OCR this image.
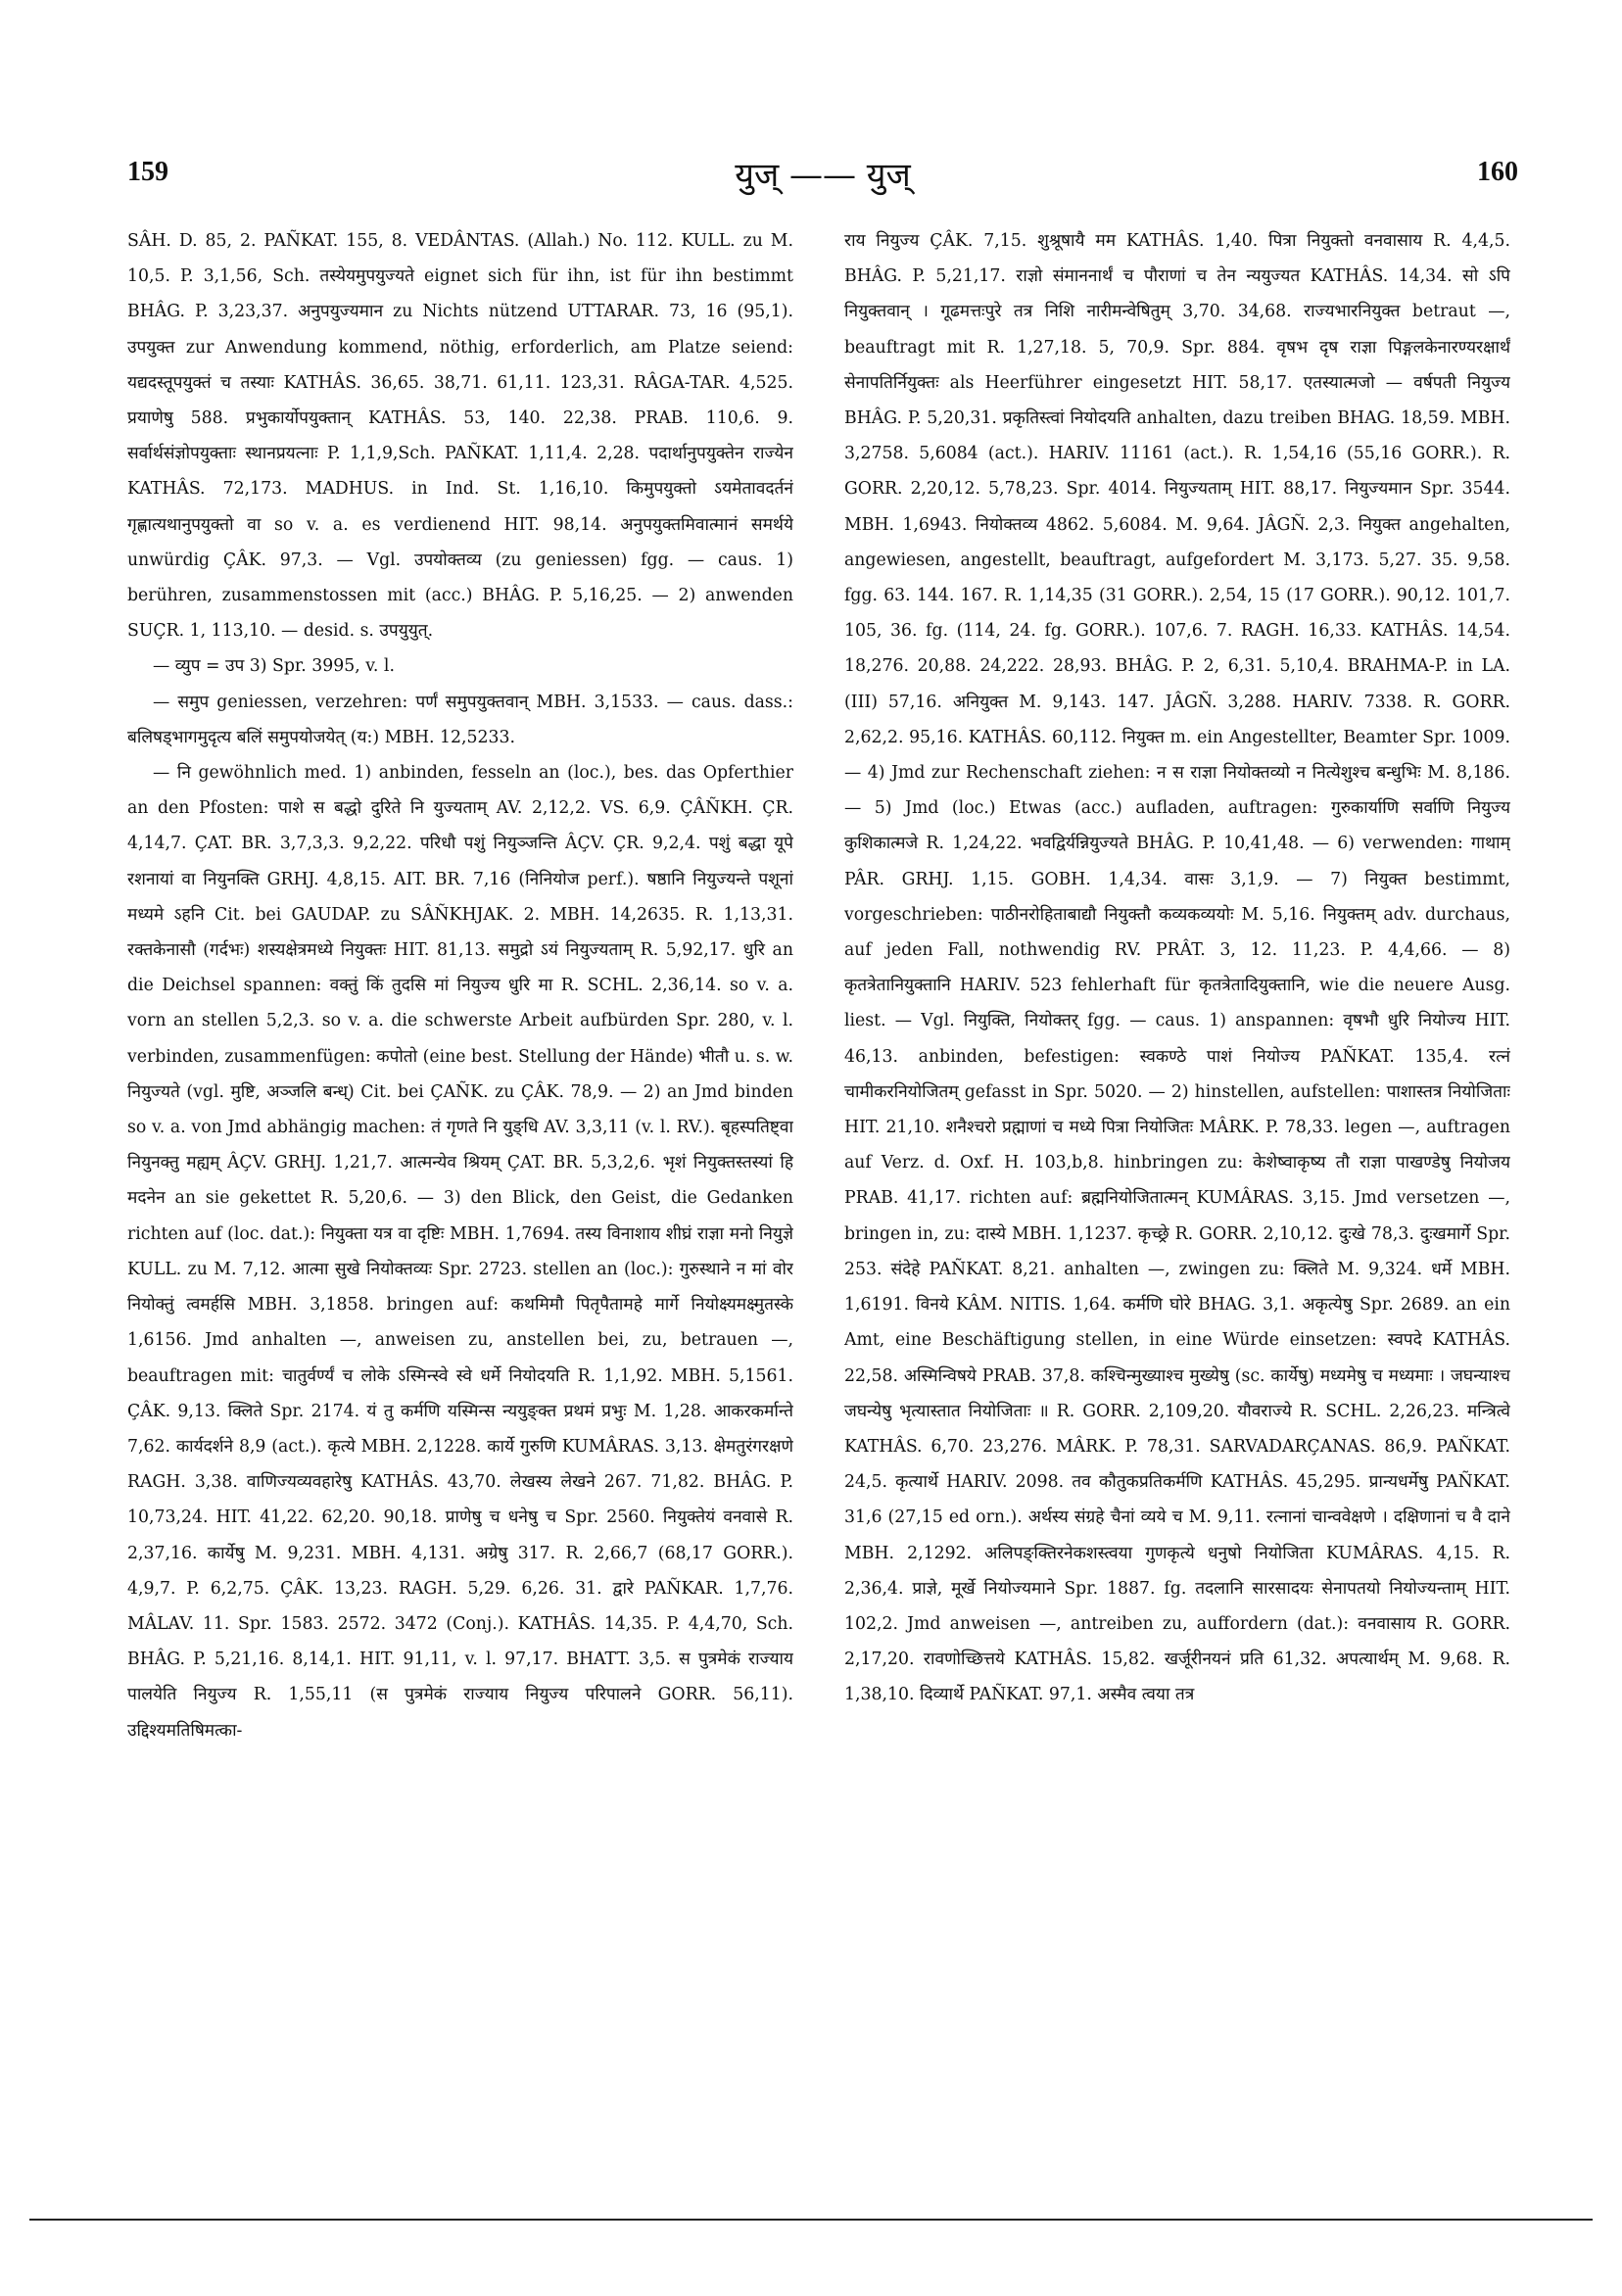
159	युज् —— युज्	160

SÂH. D. 85, 2. PAÑKAT. 155, 8. VEDÂNTAS. (Allah.) No. 112. KULL. zu M. 10,5. P. 3,1,56, Sch. तस्येयमुपयुज्यते eignet sich für ihn, ist für ihn bestimmt BHÂG. P. 3,23,37. अनुपयुज्यमान zu Nichts nützend UTTARAR. 73, 16 (95,1). उपयुक्त zur Anwendung kommend, nöthig, erforderlich, am Platze seiend: यद्यदस्तूपयुक्तं च तस्याः KATHÂS. 36,65. 38,71. 61,11. 123,31. RÂGA-TAR. 4,525. प्रयाणेषु 588. प्रभुकार्योपयुक्तान् KATHÂS. 53, 140. 22,38. PRAB. 110,6. 9. सर्वार्थसंज्ञोपयुक्ताः स्थानप्रयत्नाः P. 1,1,9,Sch. PAÑKAT. 1,11,4. 2,28. पदार्थानुपयुक्तेन राज्येन KATHÂS. 72,173. MADHUS. in Ind. St. 1,16,10. किमुपयुक्तो ऽयमेतावदर्तनं गृह्णात्यथानुपयुक्तो वा so v. a. es verdienend HIT. 98,14. अनुपयुक्तमिवात्मानं समर्थये unwürdig ÇÂK. 97,3. — Vgl. उपयोक्तव्य (zu geniessen) fgg. — caus. 1) berühren, zusammenstossen mit (acc.) BHÂG. P. 5,16,25. — 2) anwenden SUÇR. 1, 113,10. — desid. s. उपयुयुत्.

— व्युप = उप 3) Spr. 3995, v. l.

— समुप geniessen, verzehren: पर्णं समुपयुक्तवान् MBH. 3,1533. — caus. dass.: बलिषड्भागमुदृत्य बलिं समुपयोजयेत् (य:) MBH. 12,5233.

— नि gewöhnlich med. 1) anbinden, fesseln an (loc.), bes. das Opferthier an den Pfosten: पाशे स बद्धो दुरिते नि युज्यताम् AV. 2,12,2. VS. 6,9. ÇÂÑKH. ÇR. 4,14,7. ÇAT. BR. 3,7,3,3. 9,2,22. परिधौ पशुं नियुञ्जन्ति ÂÇV. ÇR. 9,2,4. पशुं बद्धा यूपे रशनायां वा नियुनक्ति GRHJ. 4,8,15. AIT. BR. 7,16 (निनियोज perf.). षष्ठानि नियुज्यन्ते पशूनां मध्यमे ऽहनि Cit. bei GAUDAP. zu SÂÑKHJAK. 2. MBH. 14,2635. R. 1,13,31. रक्तकेनासौ (गर्दभः) शस्यक्षेत्रमध्ये नियुक्तः HIT. 81,13. समुद्रो ऽयं नियुज्यताम् R. 5,92,17. धुरि an die Deichsel spannen: वक्तुं किं तुदसि मां नियुज्य धुरि मा R. SCHL. 2,36,14. so v. a. vorn an stellen 5,2,3. so v. a. die schwerste Arbeit aufbürden Spr. 280, v. l. verbinden, zusammenfügen: कपोतो (eine best. Stellung der Hände) भीतौ u. s. w. नियुज्यते (vgl. मुष्टि, अञ्जलि बन्ध्) Cit. bei ÇAÑK. zu ÇÂK. 78,9. — 2) an Jmd binden so v. a. von Jmd abhängig machen: तं गृणते नि युङ्धि AV. 3,3,11 (v. l. RV.). बृहस्पतिष्ट्वा नियुनक्तु मह्यम् ÂÇV. GRHJ. 1,21,7. आत्मन्येव श्रियम् ÇAT. BR. 5,3,2,6. भृशं नियुक्तस्तस्यां हि मदनेन an sie gekettet R. 5,20,6. — 3) den Blick, den Geist, die Gedanken richten auf (loc. dat.): नियुक्ता यत्र वा दृष्टिः MBH. 1,7694. तस्य विनाशाय शीघ्रं राज्ञा मनो नियुज्ञे KULL. zu M. 7,12. आत्मा सुखे नियोक्तव्यः Spr. 2723. stellen an (loc.): गुरुस्थाने न मां वोर नियोक्तुं त्वमर्हसि MBH. 3,1858. bringen auf: कथमिमौ पितृपैतामहे मार्गे नियोक्ष्यमक्ष्मुतस्के 1,6156. Jmd anhalten —, anweisen zu, anstellen bei, zu, betrauen —, beauftragen mit: चातुर्वर्ण्यं च लोके ऽस्मिन्स्वे स्वे धर्मे नियोदयति R. 1,1,92. MBH. 5,1561. ÇÂK. 9,13. क्लिते Spr. 2174. यं तु कर्मणि यस्मिन्स न्ययुङ्क्त प्रथमं प्रभुः M. 1,28. आकरकर्मान्ते 7,62. कार्यदर्शने 8,9 (act.). कृत्ये MBH. 2,1228. कार्ये गुरुणि KUMÂRAS. 3,13. क्षेमतुरंगरक्षणे RAGH. 3,38. वाणिज्यव्यवहारेषु KATHÂS. 43,70. लेखस्य लेखने 267. 71,82. BHÂG. P. 10,73,24. HIT. 41,22. 62,20. 90,18. प्राणेषु च धनेषु च Spr. 2560. नियुक्तेयं वनवासे R. 2,37,16. कार्येषु M. 9,231. MBH. 4,131. अग्रेषु 317. R. 2,66,7 (68,17 GORR.). 4,9,7. P. 6,2,75. ÇÂK. 13,23. RAGH. 5,29. 6,26. 31. द्वारे PAÑKAR. 1,7,76. MÂLAV. 11. Spr. 1583. 2572. 3472 (Conj.). KATHÂS. 14,35. P. 4,4,70, Sch. BHÂG. P. 5,21,16. 8,14,1. HIT. 91,11, v. l. 97,17. BHATT. 3,5. स पुत्रमेकं राज्याय पालयेति नियुज्य R. 1,55,11 (स पुत्रमेकं राज्याय नियुज्य परिपालने GORR. 56,11). उद्दिश्यमतिषिमत्का-

राय नियुज्य ÇÂK. 7,15. शुश्रूषायै मम KATHÂS. 1,40. पित्रा नियुक्तो वनवासाय R. 4,4,5. BHÂG. P. 5,21,17. राज्ञो संमाननार्थं च पौराणां च तेन न्ययुज्यत KATHÂS. 14,34. सो ऽपि नियुक्तवान् । गूढमत्तःपुरे तत्र निशि नारीमन्वेषितुम् 3,70. 34,68. राज्यभारनियुक्त betraut —, beauftragt mit R. 1,27,18. 5, 70,9. Spr. 884. वृषभ दृष राज्ञा पिङ्गलकेनारण्यरक्षार्थं सेनापतिर्नियुक्तः als Heerführer eingesetzt HIT. 58,17. एतस्यात्मजो — वर्षपती नियुज्य BHÂG. P. 5,20,31. प्रकृतिस्त्वां नियोदयति anhalten, dazu treiben BHAG. 18,59. MBH. 3,2758. 5,6084 (act.). HARIV. 11161 (act.). R. 1,54,16 (55,16 GORR.). R. GORR. 2,20,12. 5,78,23. Spr. 4014. नियुज्यताम् HIT. 88,17. नियुज्यमान Spr. 3544. MBH. 1,6943. नियोक्तव्य 4862. 5,6084. M. 9,64. JÂGÑ. 2,3. नियुक्त angehalten, angewiesen, angestellt, beauftragt, aufgefordert M. 3,173. 5,27. 35. 9,58. fgg. 63. 144. 167. R. 1,14,35 (31 GORR.). 2,54, 15 (17 GORR.). 90,12. 101,7. 105, 36. fg. (114, 24. fg. GORR.). 107,6. 7. RAGH. 16,33. KATHÂS. 14,54. 18,276. 20,88. 24,222. 28,93. BHÂG. P. 2, 6,31. 5,10,4. BRAHMA-P. in LA. (III) 57,16. अनियुक्त M. 9,143. 147. JÂGÑ. 3,288. HARIV. 7338. R. GORR. 2,62,2. 95,16. KATHÂS. 60,112. नियुक्त m. ein Angestellter, Beamter Spr. 1009. — 4) Jmd zur Rechenschaft ziehen: न स राज्ञा नियोक्तव्यो न नित्येशुश्च बन्धुभिः M. 8,186. — 5) Jmd (loc.) Etwas (acc.) aufladen, auftragen: गुरुकार्याणि सर्वाणि नियुज्य कुशिकात्मजे R. 1,24,22. भवद्विर्यन्नियुज्यते BHÂG. P. 10,41,48. — 6) verwenden: गाथाम् PÂR. GRHJ. 1,15. GOBH. 1,4,34. वासः 3,1,9. — 7) नियुक्त bestimmt, vorgeschrieben: पाठीनरोहिताबाद्यौ नियुक्तौ कव्यकव्ययोः M. 5,16. नियुक्तम् adv. durchaus, auf jeden Fall, nothwendig RV. PRÂT. 3, 12. 11,23. P. 4,4,66. — 8) कृतत्रेतानियुक्तानि HARIV. 523 fehlerhaft für कृतत्रेतादियुक्तानि, wie die neuere Ausg. liest. — Vgl. नियुक्ति, नियोक्तर् fgg. — caus. 1) anspannen: वृषभौ धुरि नियोज्य HIT. 46,13. anbinden, befestigen: स्वकण्ठे पाशं नियोज्य PAÑKAT. 135,4. रत्नं चामीकरनियोजितम् gefasst in Spr. 5020. — 2) hinstellen, aufstellen: पाशास्तत्र नियोजिताः HIT. 21,10. शनैश्चरो प्रह्माणां च मध्ये पित्रा नियोजितः MÂRK. P. 78,33. legen —, auftragen auf Verz. d. Oxf. H. 103,b,8. hinbringen zu: केशेष्वाकृष्य तौ राज्ञा पाखण्डेषु नियोजय PRAB. 41,17. richten auf: ब्रह्मनियोजितात्मन् KUMÂRAS. 3,15. Jmd versetzen —, bringen in, zu: दास्ये MBH. 1,1237. कृच्छ्रे R. GORR. 2,10,12. दुःखे 78,3. दुःखमार्गे Spr. 253. संदेहे PAÑKAT. 8,21. anhalten —, zwingen zu: क्लिते M. 9,324. धर्मे MBH. 1,6191. विनये KÂM. NITIS. 1,64. कर्मणि घोरे BHAG. 3,1. अकृत्येषु Spr. 2689. an ein Amt, eine Beschäftigung stellen, in eine Würde einsetzen: स्वपदे KATHÂS. 22,58. अस्मिन्विषये PRAB. 37,8. कश्चिन्मुख्याश्च मुख्येषु (sc. कार्येषु) मध्यमेषु च मध्यमाः । जघन्याश्च जघन्येषु भृत्यास्तात नियोजिताः ॥ R. GORR. 2,109,20. यौवराज्ये R. SCHL. 2,26,23. मन्त्रित्वे KATHÂS. 6,70. 23,276. MÂRK. P. 78,31. SARVADARÇANAS. 86,9. PAÑKAT. 24,5. कृत्यार्थे HARIV. 2098. तव कौतुकप्रतिकर्मणि KATHÂS. 45,295. प्रान्यधर्मेषु PAÑKAT. 31,6 (27,15 ed orn.). अर्थस्य संग्रहे चैनां व्यये च M. 9,11. रत्नानां चान्ववेक्षणे । दक्षिणानां च वै दाने MBH. 2,1292. अलिपङ्क्तिरनेकशस्त्वया गुणकृत्ये धनुषो नियोजिता KUMÂRAS. 4,15. R. 2,36,4. प्राज्ञे, मूर्खे नियोज्यमाने Spr. 1887. fg. तदलानि सारसादयः सेनापतयो नियोज्यन्ताम् HIT. 102,2. Jmd anweisen —, antreiben zu, auffordern (dat.): वनवासाय R. GORR. 2,17,20. रावणोच्छित्तये KATHÂS. 15,82. खर्जूरीनयनं प्रति 61,32. अपत्यार्थम् M. 9,68. R. 1,38,10. दिव्यार्थे PAÑKAT. 97,1. अस्मैव त्वया तत्र
